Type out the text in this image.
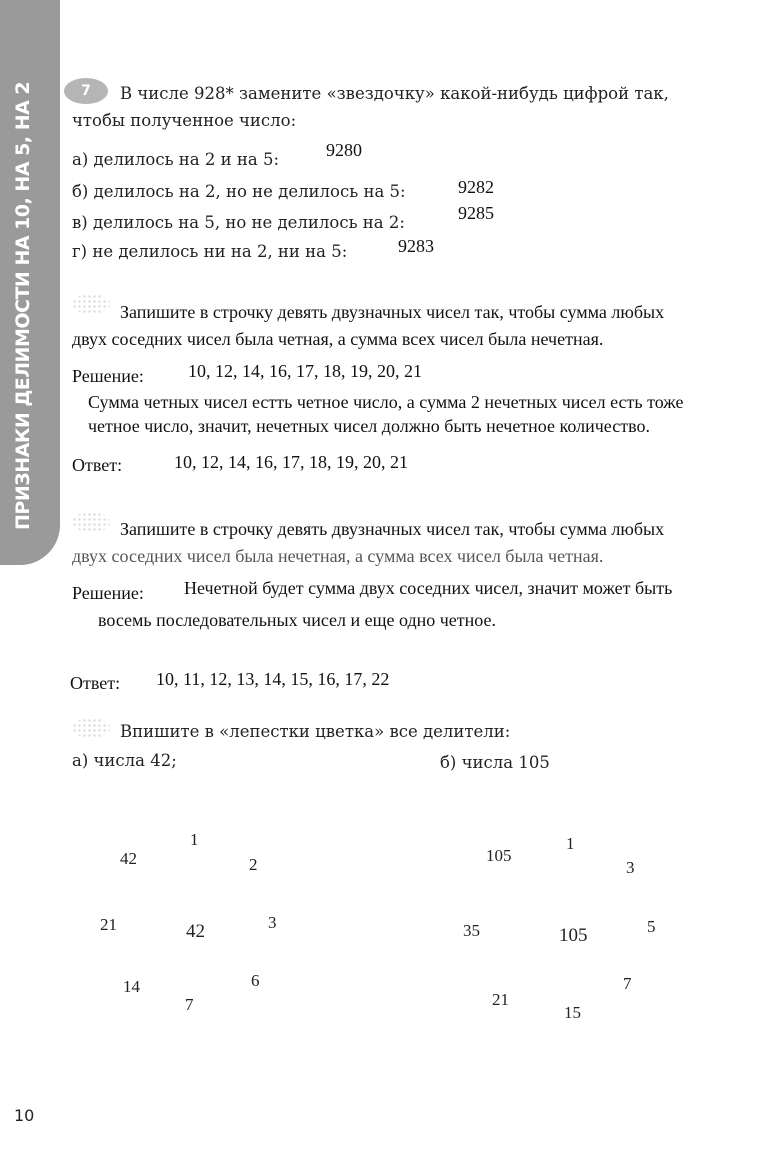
ПРИЗНАКИ ДЕЛИМОСТИ НА 10, НА 5, НА 2	7	В числе 928* замените «звездочку» какой-нибудь цифрой так,
чтобы полученное число:
а) делилось на 2 и на 5:	9280
б) делилось на 2, но не делилось на 5:	9282
в) делилось на 5, но не делилось на 2:	9285
г) не делилось ни на 2, ни на 5:	9283
Запишите в строчку девять двузначных чисел так, чтобы сумма любых
двух соседних чисел была четная, а сумма всех чисел была нечетная.
Решение: 10, 12, 14, 16, 17, 18, 19, 20, 21
Сумма четных чисел естть четное число, а сумма 2 нечетных чисел есть тоже
четное число, значит, нечетных чисел должно быть нечетное количество.
Ответ:	10, 12, 14, 16, 17, 18, 19, 20, 21
Запишите в строчку девять двузначных чисел так, чтобы сумма любых
двух соседних чисел была нечетная, а сумма всех чисел была четная.
Решение: Нечетной будет сумма двух соседних чисел, значит может быть
восемь последовательных чисел и еще одно четное.
Ответ: 10, 11, 12, 13, 14, 15, 16, 17, 22
Впишите в «лепестки цветка» все делители:
а) числа 42;	б) числа 105
42
1
2
3
6
7
14
21
42
105
1
3
5
7
15
21
35
105
10
